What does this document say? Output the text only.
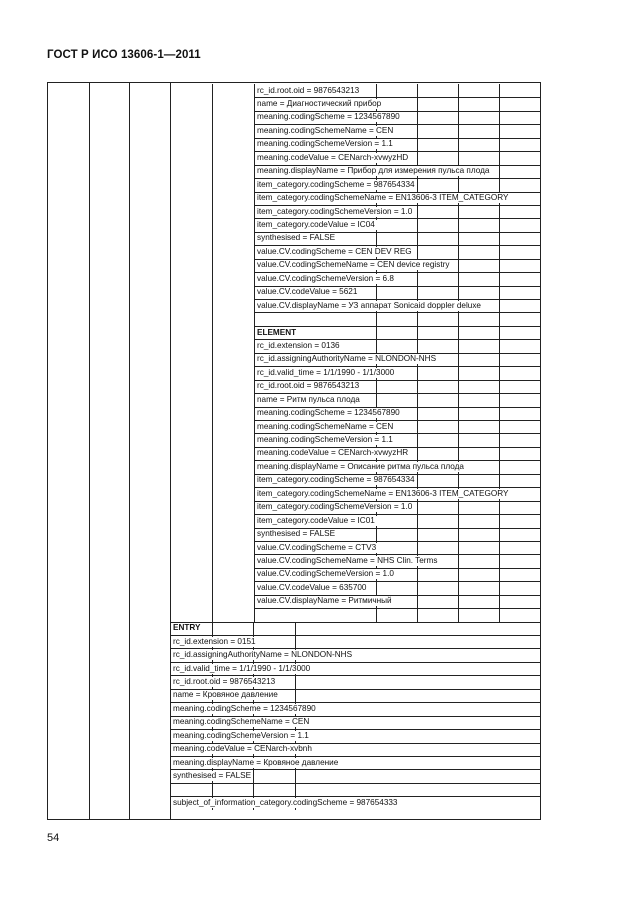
ГОСТ Р ИСО 13606-1—2011
rc_id.root.oid = 9876543213
name = Диагностический прибор
meaning.codingScheme = 1234567890
meaning.codingSchemeName = CEN
meaning.codingSchemeVersion = 1.1
meaning.codeValue = CENarch-xvwyzHD
meaning.displayName = Прибор для измерения пульса плода
item_category.codingScheme = 987654334
item_category.codingSchemeName = EN13606-3 ITEM_CATEGORY
item_category.codingSchemeVersion = 1.0
item_category.codeValue = IC04
synthesised = FALSE
value.CV.codingScheme = CEN DEV REG
value.CV.codingSchemeName = CEN device registry
value.CV.codingSchemeVersion = 6.8
value.CV.codeValue = 5621
value.CV.displayName = УЗ аппарат Sonicaid doppler deluxe
ELEMENT
rc_id.extension = 0136
rc_id.assigningAuthorityName = NLONDON-NHS
rc_id.valid_time = 1/1/1990 - 1/1/3000
rc_id.root.oid = 9876543213
name = Ритм пульса плода
meaning.codingScheme = 1234567890
meaning.codingSchemeName = CEN
meaning.codingSchemeVersion = 1.1
meaning.codeValue = CENarch-xvwyzHR
meaning.displayName = Описание ритма пульса плода
item_category.codingScheme = 987654334
item_category.codingSchemeName = EN13606-3 ITEM_CATEGORY
item_category.codingSchemeVersion = 1.0
item_category.codeValue = IC01
synthesised = FALSE
value.CV.codingScheme = CTV3
value.CV.codingSchemeName = NHS Clin. Terms
value.CV.codingSchemeVersion = 1.0
value.CV.codeValue = 635700
value.CV.displayName = Ритмичный
ENTRY
rc_id.extension = 0151
rc_id.assigningAuthorityName = NLONDON-NHS
rc_id.valid_time = 1/1/1990 - 1/1/3000
rc_id.root.oid = 9876543213
name = Кровяное давление
meaning.codingScheme = 1234567890
meaning.codingSchemeName = CEN
meaning.codingSchemeVersion = 1.1
meaning.codeValue = CENarch-xvbnh
meaning.displayName = Кровяное давление
synthesised = FALSE
subject_of_information_category.codingScheme = 987654333
54
